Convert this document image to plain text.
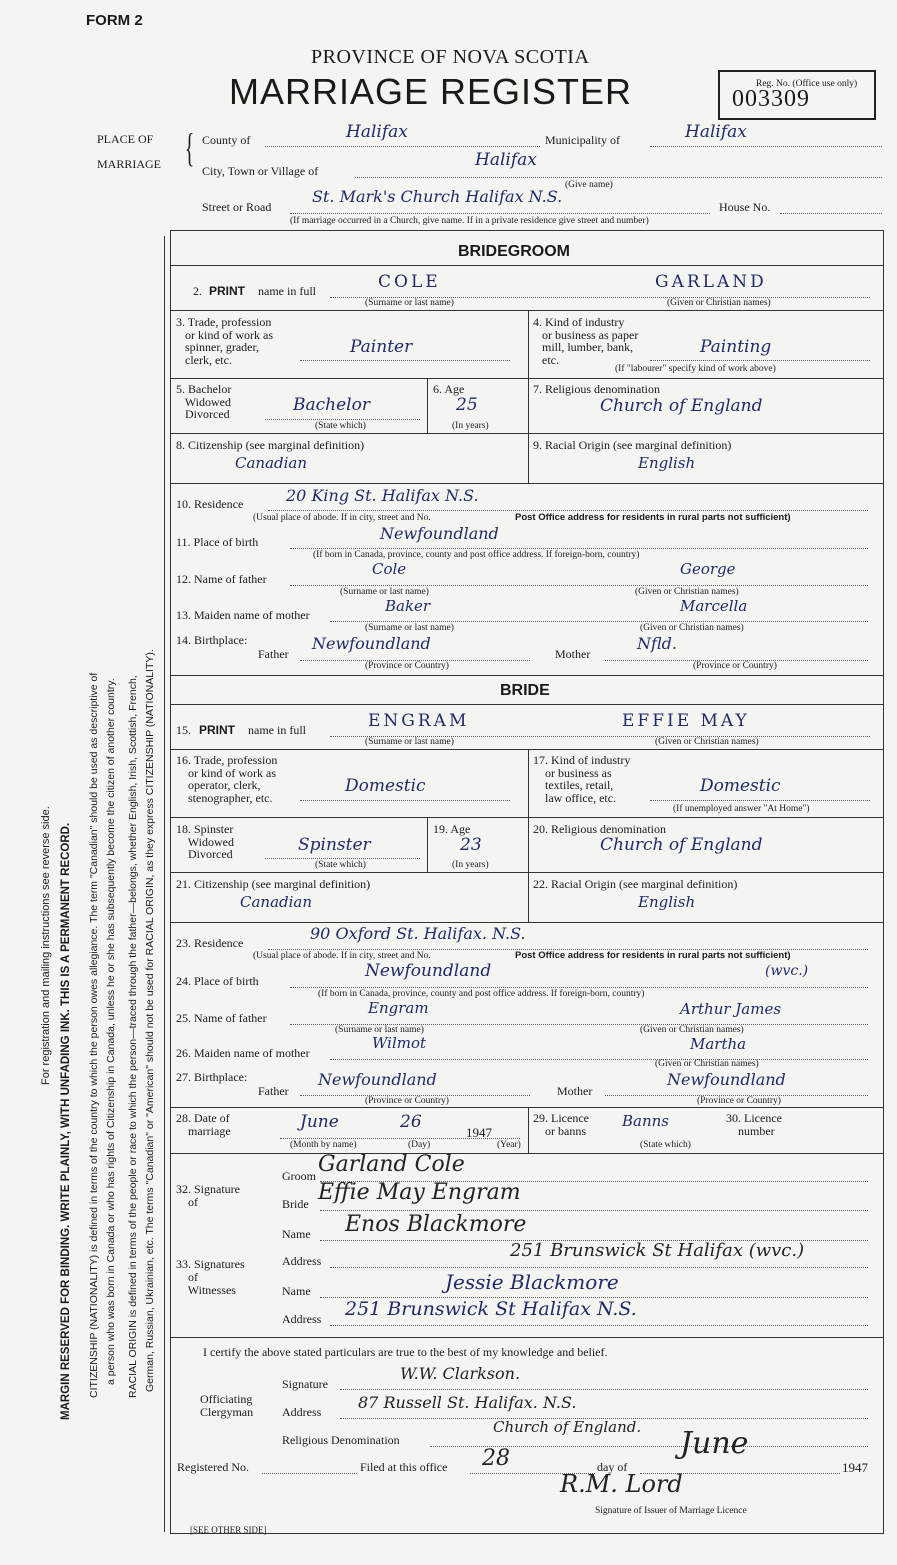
FORM 2
PROVINCE OF NOVA SCOTIA
MARRIAGE REGISTER	Reg. No. (Office use only)
003309
For registration and mailing instructions see reverse side. MARGIN RESERVED FOR BINDING. WRITE PLAINLY, WITH UNFADING INK. THIS IS A PERMANENT RECORD. CITIZENSHIP (NATIONALITY) is defined in terms of the country to which the person owes allegiance. The term "Canadian" should be used as descriptive of a person who was born in Canada or who has rights of Citizenship in Canada, unless he or she has subsequently become the citizen of another country. RACIAL ORIGIN is defined in terms of the people or race to which the person—traced through the father—belongs, whether English, Irish, Scottish, French, German, Russian, Ukrainian, etc. The terms "Canadian" or "American" should not be used for RACIAL ORIGIN, as they express CITIZENSHIP (NATIONALITY).
PLACE OF
MARRIAGE { County of	Halifax	Municipality of	Halifax
City, Town or Village of
Halifax
(Give name)
Street or Road
St. Mark's Church Halifax N.S.
House No.
(If marriage occurred in a Church, give name. If in a private residence give street and number)
BRIDEGROOM
2. PRINT name in full	COLE	GARLAND
(Surname or last name)	(Given or Christian names)
3. Trade, profession
or kind of work as
spinner, grader,
clerk, etc.
Painter
4. Kind of industry
or business as paper
mill, lumber, bank,
etc.
Painting
(If "labourer" specify kind of work above)
5. Bachelor
Widowed
Divorced	Bachelor
(State which)
6. Age
25
(In years)
7. Religious denomination
Church of England
8. Citizenship (see marginal definition)
Canadian
9. Racial Origin (see marginal definition)
English
10. Residence	20 King St. Halifax N.S.
(Usual place of abode. If in city, street and No.	Post Office address for residents in rural parts not sufficient)
11. Place of birth	Newfoundland
(If born in Canada, province, county and post office address. If foreign-born, country)
12. Name of father
Cole	George
(Surname or last name)	(Given or Christian names)
13. Maiden name of mother	Baker	Marcella
(Surname or last name)	(Given or Christian names)
14. Birthplace:
Father
Newfoundland
Mother
Nfld.
(Province or Country)	(Province or Country)
BRIDE
15. PRINT name in full	ENGRAM	EFFIE MAY
(Surname or last name)	(Given or Christian names)
16. Trade, profession
or kind of work as
operator, clerk,
stenographer, etc.
Domestic
17. Kind of industry
or business as
textiles, retail,
law office, etc.
Domestic
(If unemployed answer "At Home")
18. Spinster
Widowed
Divorced	Spinster
(State which)
19. Age
23
(In years)
20. Religious denomination
Church of England
21. Citizenship (see marginal definition)
Canadian
22. Racial Origin (see marginal definition)
English
23. Residence	90 Oxford St. Halifax. N.S.
(Usual place of abode. If in city, street and No.	Post Office address for residents in rural parts not sufficient)
24. Place of birth	Newfoundland	(wvc.)
(If born in Canada, province, county and post office address. If foreign-born, country)
25. Name of father
Engram	Arthur James
(Surname or last name)	(Given or Christian names)
26. Maiden name of mother
Wilmot	Martha
(Given or Christian names)
27. Birthplace:
Father
Newfoundland
Mother
Newfoundland
(Province or Country)	(Province or Country)
28. Date of
marriage	June	26
1947
(Month by name)	(Day)	(Year)
29. Licence
or banns
Banns
(State which)
30. Licence
number
32. Signature
of
Groom Garland Cole
Bride Effie May Engram
33. Signatures
of
Witnesses
Name Enos Blackmore
Address	251 Brunswick St Halifax (wvc.)
Name	Jessie Blackmore
Address 251 Brunswick St Halifax N.S.
I certify the above stated particulars are true to the best of my knowledge and belief.
Signature
W.W. Clarkson.
Officiating
Clergyman Address 87 Russell St. Halifax. N.S.
Religious Denomination
Church of England.
Registered No.	Filed at this office 28	day of
June
1947
R.M. Lord
Signature of Issuer of Marriage Licence
[SEE OTHER SIDE]
